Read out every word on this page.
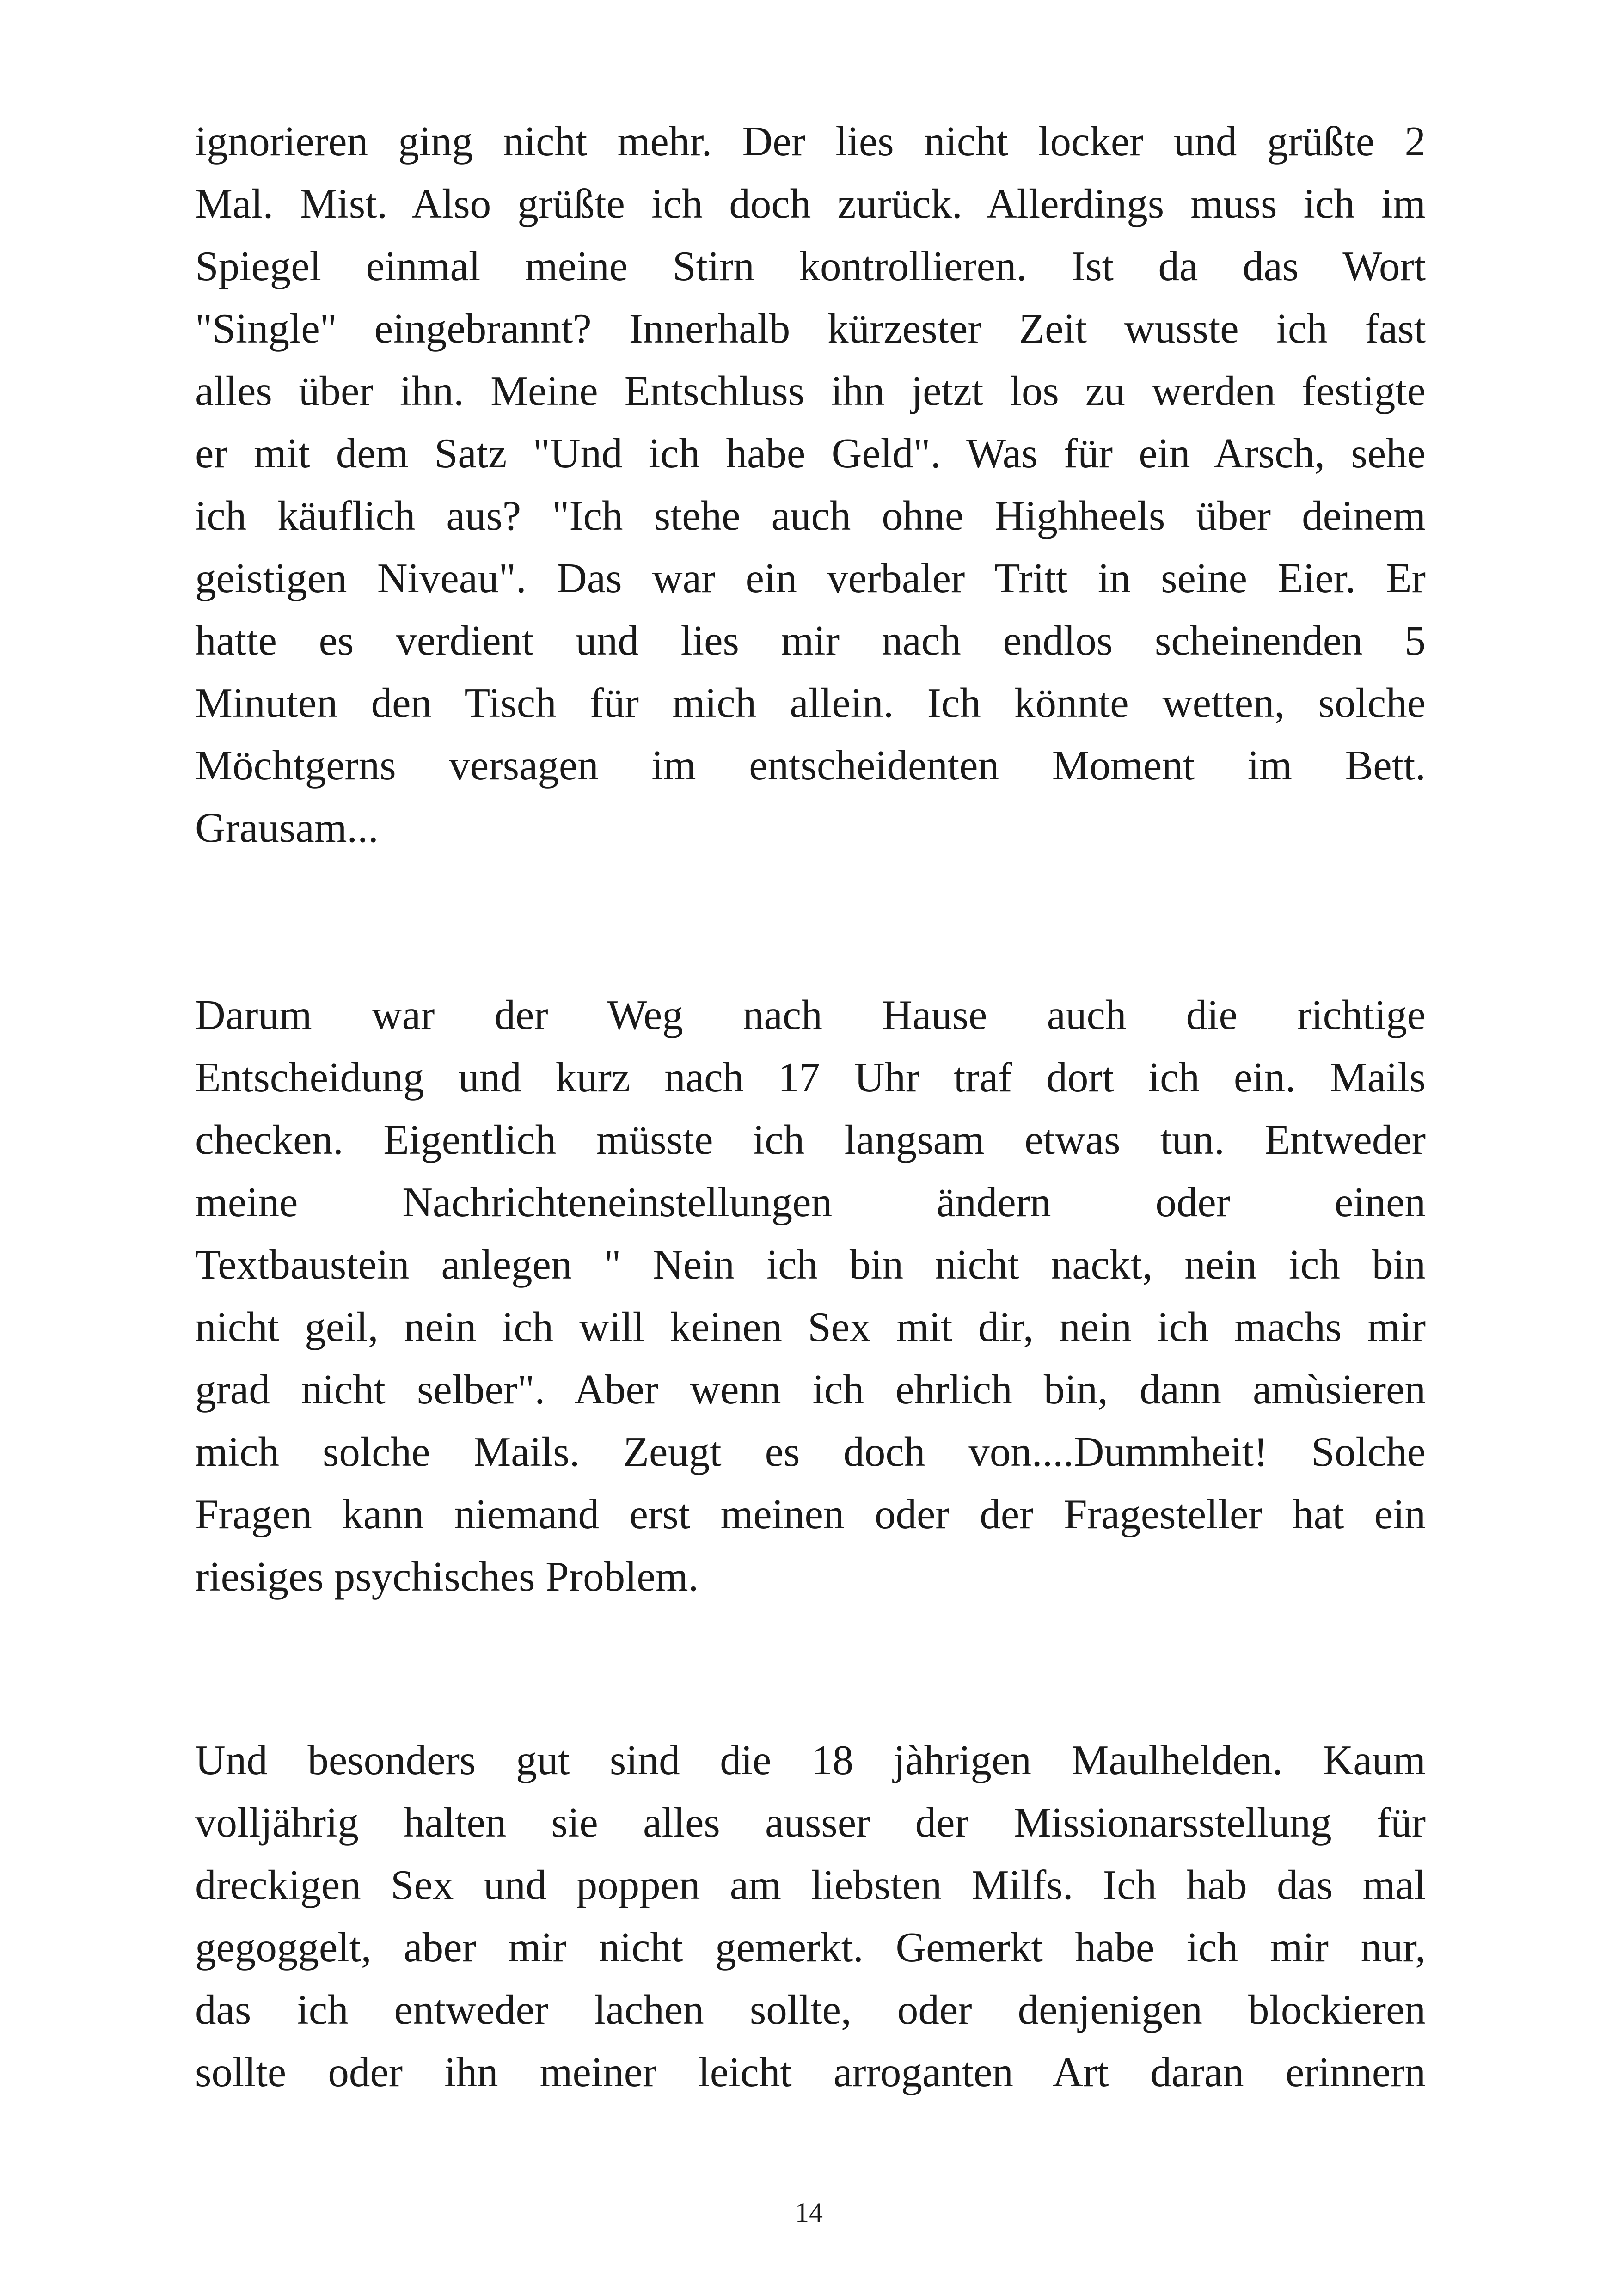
ignorieren ging nicht mehr. Der lies nicht locker und grüßte 2
Mal. Mist. Also grüßte ich doch zurück. Allerdings muss ich im
Spiegel einmal meine Stirn kontrollieren. Ist da das Wort
"Single" eingebrannt? Innerhalb kürzester Zeit wusste ich fast
alles über ihn. Meine Entschluss ihn jetzt los zu werden festigte
er mit dem Satz "Und ich habe Geld". Was für ein Arsch, sehe
ich käuflich aus? "Ich stehe auch ohne Highheels über deinem
geistigen Niveau". Das war ein verbaler Tritt in seine Eier. Er
hatte es verdient und lies mir nach endlos scheinenden 5
Minuten den Tisch für mich allein. Ich könnte wetten, solche
Möchtgerns versagen im entscheidenten Moment im Bett.
Grausam...
Darum war der Weg nach Hause auch die richtige
Entscheidung und kurz nach 17 Uhr traf dort ich ein. Mails
checken. Eigentlich müsste ich langsam etwas tun. Entweder
meine Nachrichteneinstellungen ändern oder einen
Textbaustein anlegen " Nein ich bin nicht nackt, nein ich bin
nicht geil, nein ich will keinen Sex mit dir, nein ich machs mir
grad nicht selber". Aber wenn ich ehrlich bin, dann amùsieren
mich solche Mails. Zeugt es doch von....Dummheit! Solche
Fragen kann niemand erst meinen oder der Fragesteller hat ein
riesiges psychisches Problem.
Und besonders gut sind die 18 jàhrigen Maulhelden. Kaum
volljährig halten sie alles ausser der Missionarsstellung für
dreckigen Sex und poppen am liebsten Milfs. Ich hab das mal
gegoggelt, aber mir nicht gemerkt. Gemerkt habe ich mir nur,
das ich entweder lachen sollte, oder denjenigen blockieren
sollte oder ihn meiner leicht arroganten Art daran erinnern
14
